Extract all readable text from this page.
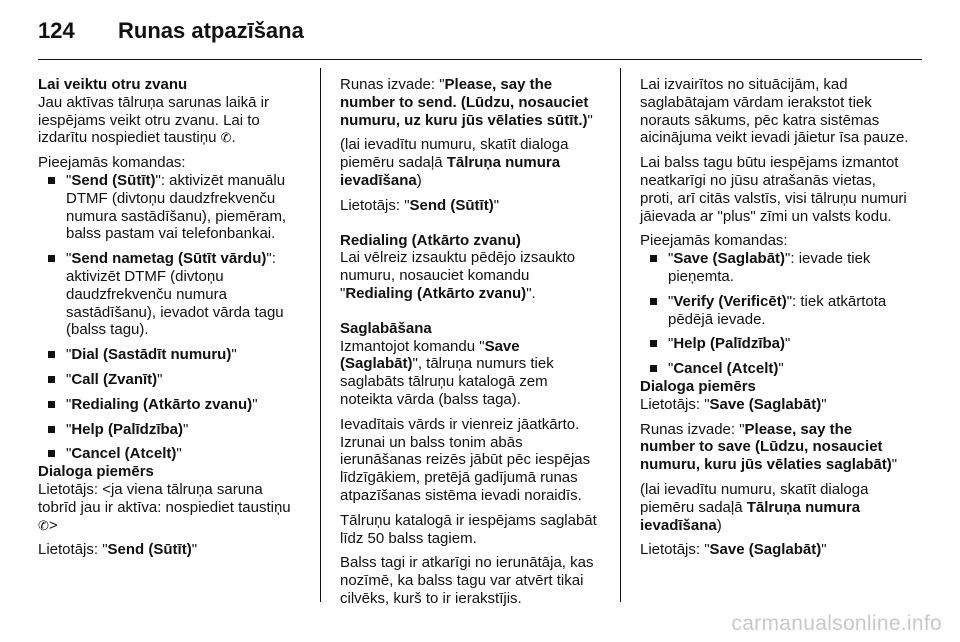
124	Runas atpazīšana
Lai veiktu otru zvanu

Jau aktīvas tālruņa sarunas laikā ir iespējams veikt otru zvanu. Lai to izdarītu nospiediet taustiņu ✆.

Pieejamās komandas:

"Send (Sūtīt)": aktivizēt manuālu DTMF (divtoņu daudzfrekvenču numura sastādīšanu), piemēram, balss pastam vai telefonbankai.
"Send nametag (Sūtīt vārdu)": aktivizēt DTMF (divtoņu daudzfrekvenču numura sastādīšanu), ievadot vārda tagu (balss tagu).
"Dial (Sastādīt numuru)"
"Call (Zvanīt)"
"Redialing (Atkārto zvanu)"
"Help (Palīdzība)"
"Cancel (Atcelt)"
Dialoga piemērs

Lietotājs: <ja viena tālruņa saruna tobrīd jau ir aktīva: nospiediet taustiņu ✆>

Lietotājs: "Send (Sūtīt)"

Runas izvade: "Please, say the number to send. (Lūdzu, nosauciet numuru, uz kuru jūs vēlaties sūtīt.)"

(lai ievadītu numuru, skatīt dialoga piemēru sadaļā Tālruņa numura ievadīšana)

Lietotājs: "Send (Sūtīt)"

Redialing (Atkārto zvanu)

Lai vēlreiz izsauktu pēdējo izsaukto numuru, nosauciet komandu "Redialing (Atkārto zvanu)".

Saglabāšana

Izmantojot komandu "Save (Saglabāt)", tālruņa numurs tiek saglabāts tālruņu katalogā zem noteikta vārda (balss taga).

Ievadītais vārds ir vienreiz jāatkārto. Izrunai un balss tonim abās ierunāšanas reizēs jābūt pēc iespējas līdzīgākiem, pretējā gadījumā runas atpazīšanas sistēma ievadi noraidīs.

Tālruņu katalogā ir iespējams saglabāt līdz 50 balss tagiem.

Balss tagi ir atkarīgi no ierunātāja, kas nozīmē, ka balss tagu var atvērt tikai cilvēks, kurš to ir ierakstījis.

Lai izvairītos no situācijām, kad saglabātajam vārdam ierakstot tiek norauts sākums, pēc katra sistēmas aicinājuma veikt ievadi jāietur īsa pauze.

Lai balss tagu būtu iespējams izmantot neatkarīgi no jūsu atrašanās vietas, proti, arī citās valstīs, visi tālruņu numuri jāievada ar "plus" zīmi un valsts kodu.

Pieejamās komandas:

"Save (Saglabāt)": ievade tiek pieņemta.
"Verify (Verificēt)": tiek atkārtota pēdējā ievade.
"Help (Palīdzība)"
"Cancel (Atcelt)"
Dialoga piemērs

Lietotājs: "Save (Saglabāt)"

Runas izvade: "Please, say the number to save (Lūdzu, nosauciet numuru, kuru jūs vēlaties saglabāt)"

(lai ievadītu numuru, skatīt dialoga piemēru sadaļā Tālruņa numura ievadīšana)

Lietotājs: "Save (Saglabāt)"

carmanualsonline.info
